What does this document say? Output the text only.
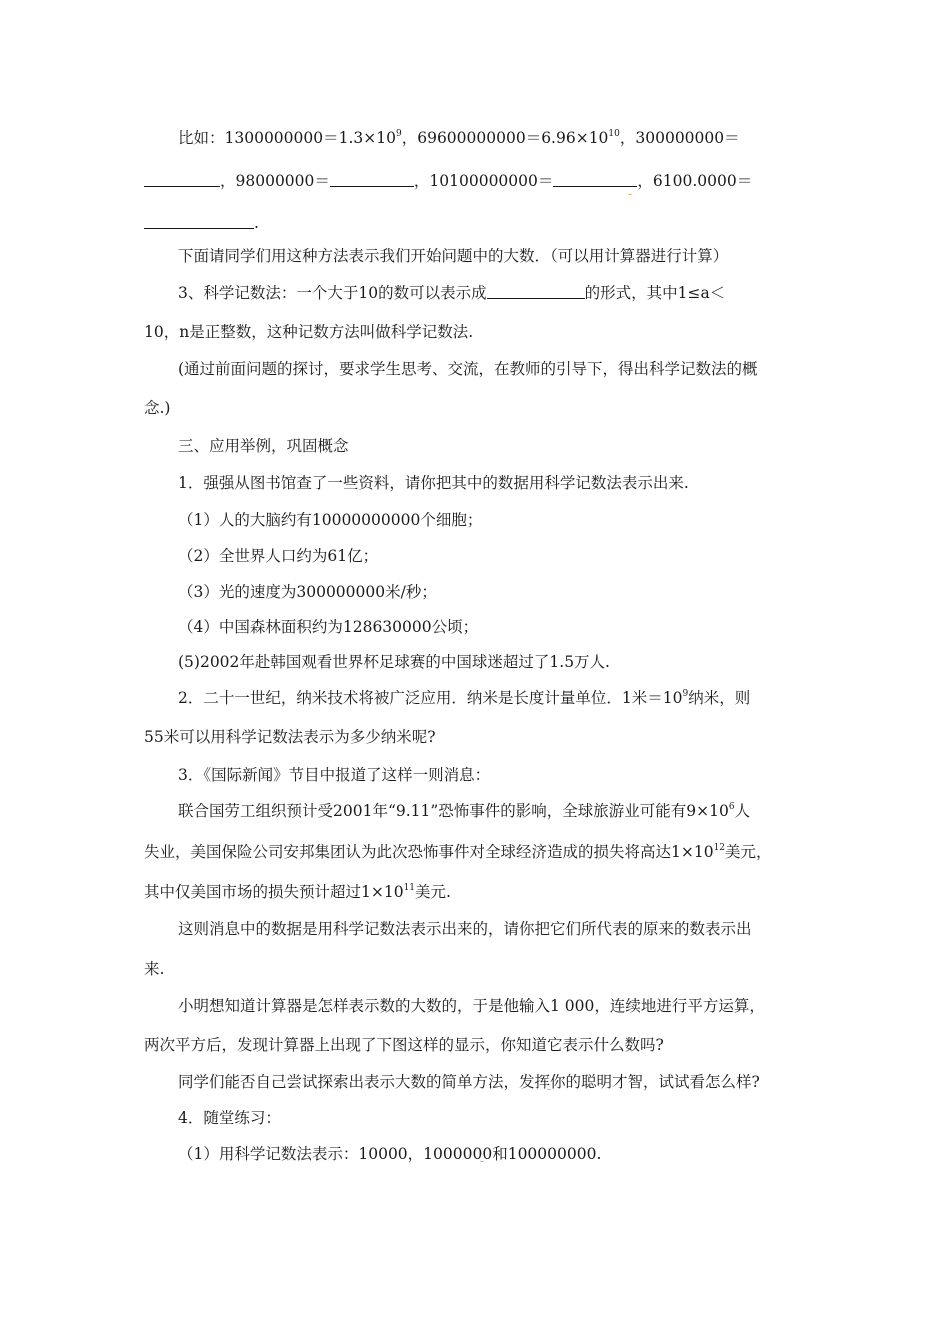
比如：$1300000000=1.3\times 10^9$，$69600000000=6.96\times 10^{10}$，300000000＝
，98000000＝	，10100000000＝	，6100.0000＝
.
下面请同学们用这种方法表示我们开始问题中的大数．（可以用计算器进行计算）
3、科学记数法：一个大于10的数可以表示成	的形式，其中1≤a＜
10，n是正整数，这种记数方法叫做科学记数法.
(通过前面问题的探讨，要求学生思考、交流，在教师的引导下，得出科学记数法的概
念.)
三、应用举例，巩固概念
1．强强从图书馆查了一些资料，请你把其中的数据用科学记数法表示出来.
（1）人的大脑约有10000000000个细胞；
（2）全世界人口约为61亿；
（3）光的速度为300000000米/秒；
（4）中国森林面积约为128630000公顷；
(5)2002年赴韩国观看世界杯足球赛的中国球迷超过了1.5万人.
2．二十一世纪，纳米技术将被广泛应用．纳米是长度计量单位．1米$=10^9$纳米，则
55米可以用科学记数法表示为多少纳米呢?
3．《国际新闻》节目中报道了这样一则消息：
联合国劳工组织预计受2001年“9.11”恐怖事件的影响，全球旅游业可能有$9\times 10^6$人
失业，美国保险公司安邦集团认为此次恐怖事件对全球经济造成的损失将高达$1\times 10^{12}$美元，
其中仅美国市场的损失预计超过$1\times 10^{11}$美元.
这则消息中的数据是用科学记数法表示出来的，请你把它们所代表的原来的数表示出
来.
小明想知道计算器是怎样表示数的大数的，于是他输入1 000，连续地进行平方运算，
两次平方后，发现计算器上出现了下图这样的显示，你知道它表示什么数吗?
同学们能否自己尝试探索出表示大数的简单方法，发挥你的聪明才智，试试看怎么样?
4．随堂练习：
（1）用科学记数法表示：10000，1000000和100000000.
